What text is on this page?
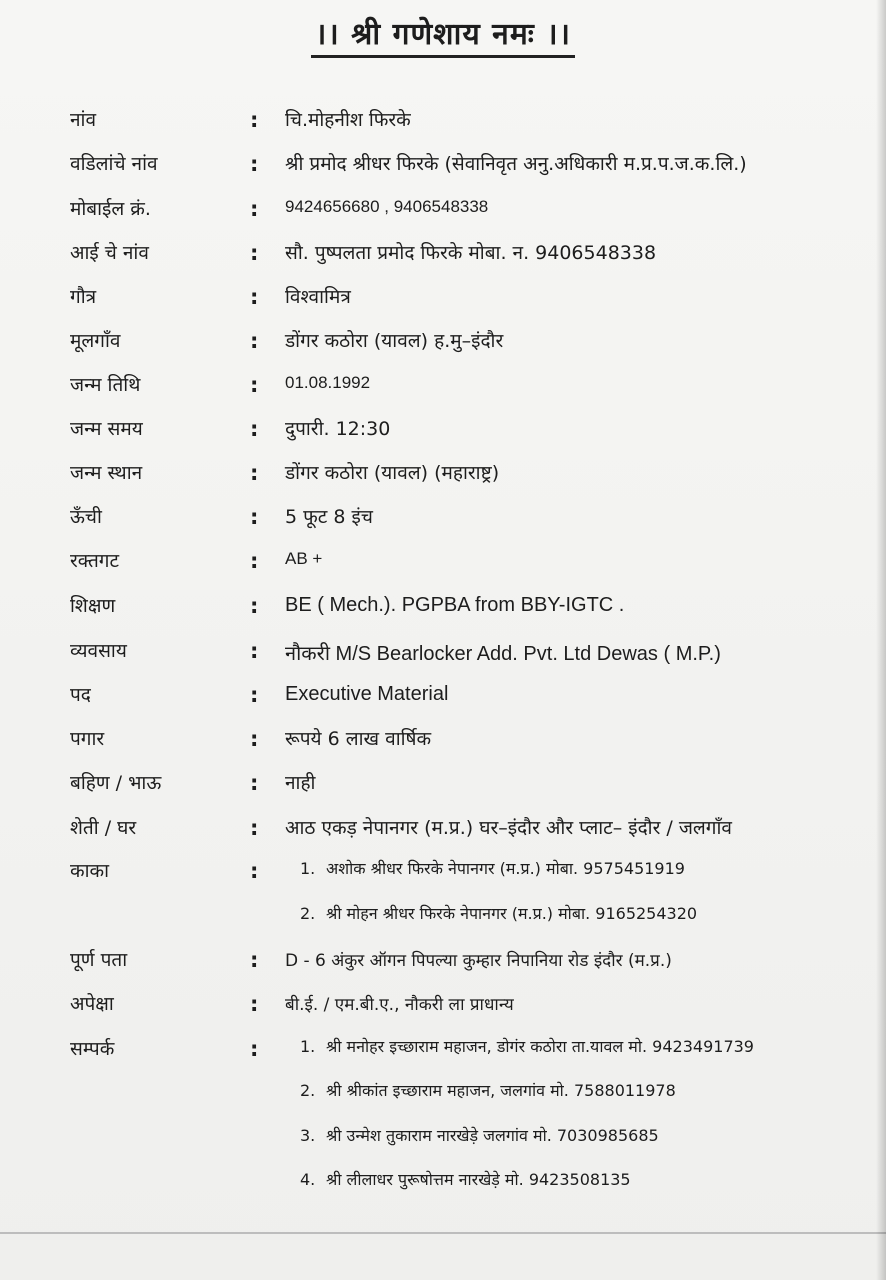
।। श्री गणेशाय नमः ।।
नांव	: चि.मोहनीश फिरके
वडिलांचे नांव	: श्री प्रमोद श्रीधर फिरके (सेवानिवृत अनु.अधिकारी म.प्र.प.ज.क.लि.)
मोबाईल क्रं.	: 9424656680 , 9406548338
आई चे नांव	: सौ. पुष्पलता प्रमोद फिरके मोबा. न. 9406548338
गौत्र	: विश्‍वामित्र
मूलगाँव	: डोंगर कठोरा (यावल) ह.मु–इंदौर
जन्म तिथि	: 01.08.1992
जन्म समय	: दुपारी. 12:30
जन्म स्थान	: डोंगर कठोरा (यावल) (महाराष्ट्र)
ऊँची	: 5 फूट 8 इंच
रक्तगट	: AB +
शिक्षण	: BE ( Mech.). PGPBA from BBY-IGTC .
व्यवसाय	: नौकरी M/S Bearlocker Add. Pvt. Ltd Dewas ( M.P.)
पद	: Executive Material
पगार	: रूपये 6 लाख वार्षिक
बहिण / भाऊ	: नाही
शेती / घर	: आठ एकड़ नेपानगर (म.प्र.) घर–इंदौर और प्लाट– इंदौर / जलगाँव
काका	:	1. अशोक श्रीधर फिरके नेपानगर (म.प्र.) मोबा. 9575451919
2. श्री मोहन श्रीधर फिरके नेपानगर (म.प्र.) मोबा. 9165254320
पूर्ण पता	: D - 6 अंकुर ऑगन पिपल्या कुम्हार निपानिया रोड इंदौर (म.प्र.)
अपेक्षा	: बी.ई. / एम.बी.ए., नौकरी ला प्राधान्य
सम्पर्क	:	1. श्री मनोहर इच्छाराम महाजन, डोगंर कठोरा ता.यावल मो. 9423491739
2. श्री श्रीकांत इच्छाराम महाजन, जलगांव मो. 7588011978
3. श्री उन्मेश तुकाराम नारखेड़े जलगांव मो. 7030985685
4. श्री लीलाधर पुरूषोत्तम नारखेड़े मो. 9423508135
